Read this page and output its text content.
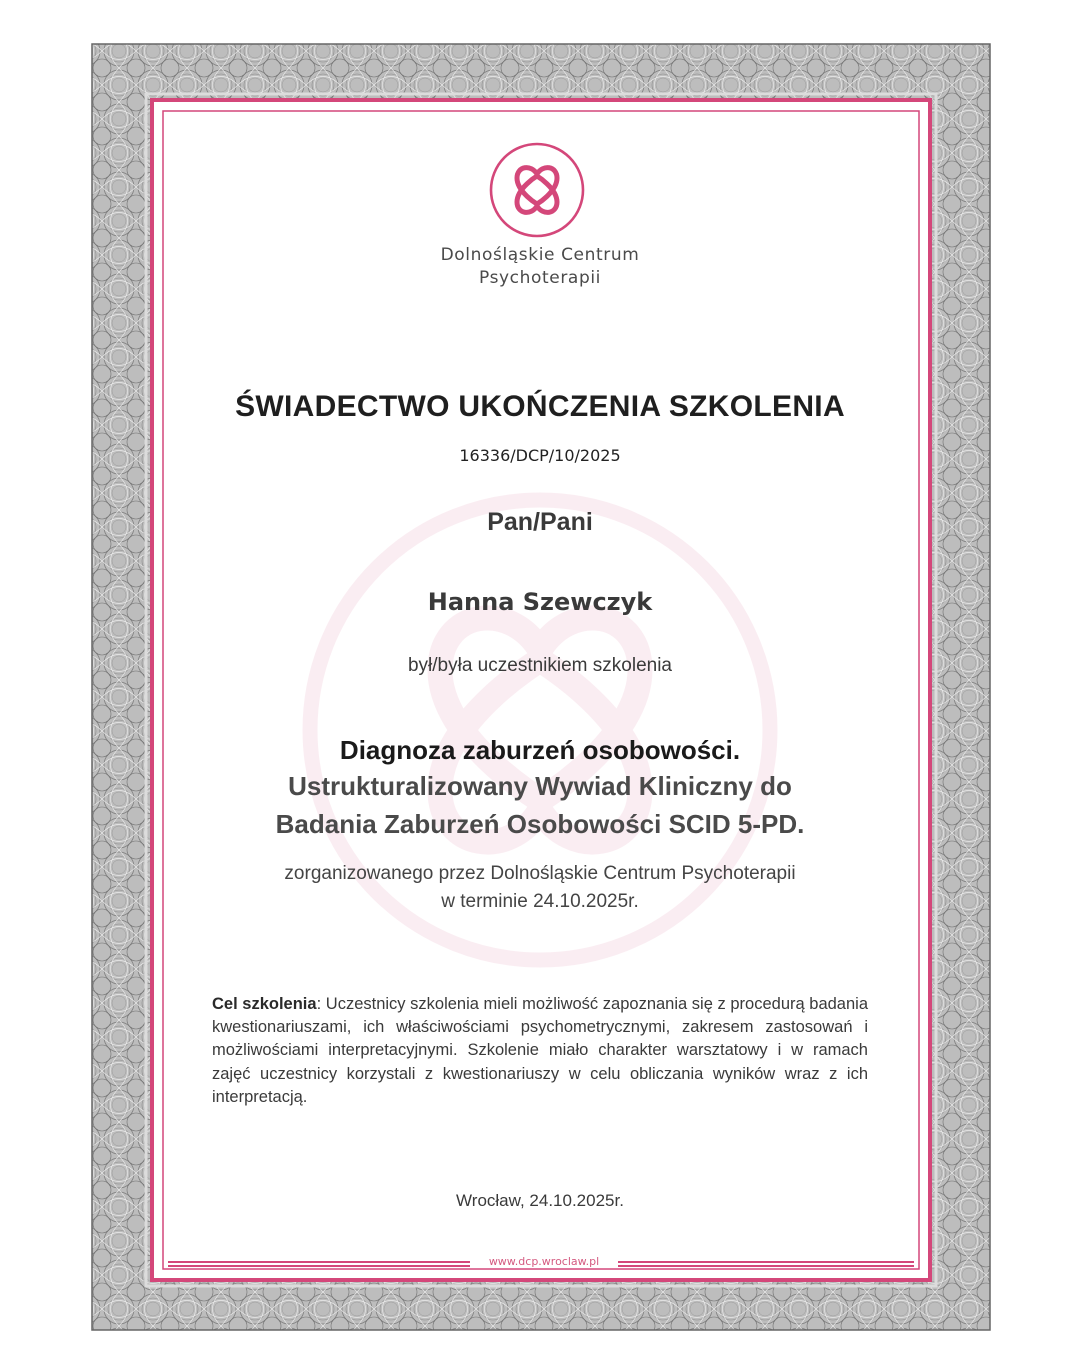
Dolnośląskie Centrum
Psychoterapii
ŚWIADECTWO UKOŃCZENIA SZKOLENIA
16336/DCP/10/2025
Pan/Pani
Hanna Szewczyk
był/była uczestnikiem szkolenia
Diagnoza zaburzeń osobowości.
Ustrukturalizowany Wywiad Kliniczny do
Badania Zaburzeń Osobowości SCID 5-PD.
zorganizowanego przez Dolnośląskie Centrum Psychoterapii
w terminie 24.10.2025r.
Cel szkolenia: Uczestnicy szkolenia mieli możliwość zapoznania się z procedurą badania kwestionariuszami, ich właściwościami psychometrycznymi, zakresem zastosowań i możliwościami interpretacyjnymi. Szkolenie miało charakter warsztatowy i w ramach zajęć uczestnicy korzystali z kwestionariuszy w celu obliczania wyników wraz z ich interpretacją.
Wrocław, 24.10.2025r.
www.dcp.wroclaw.pl
